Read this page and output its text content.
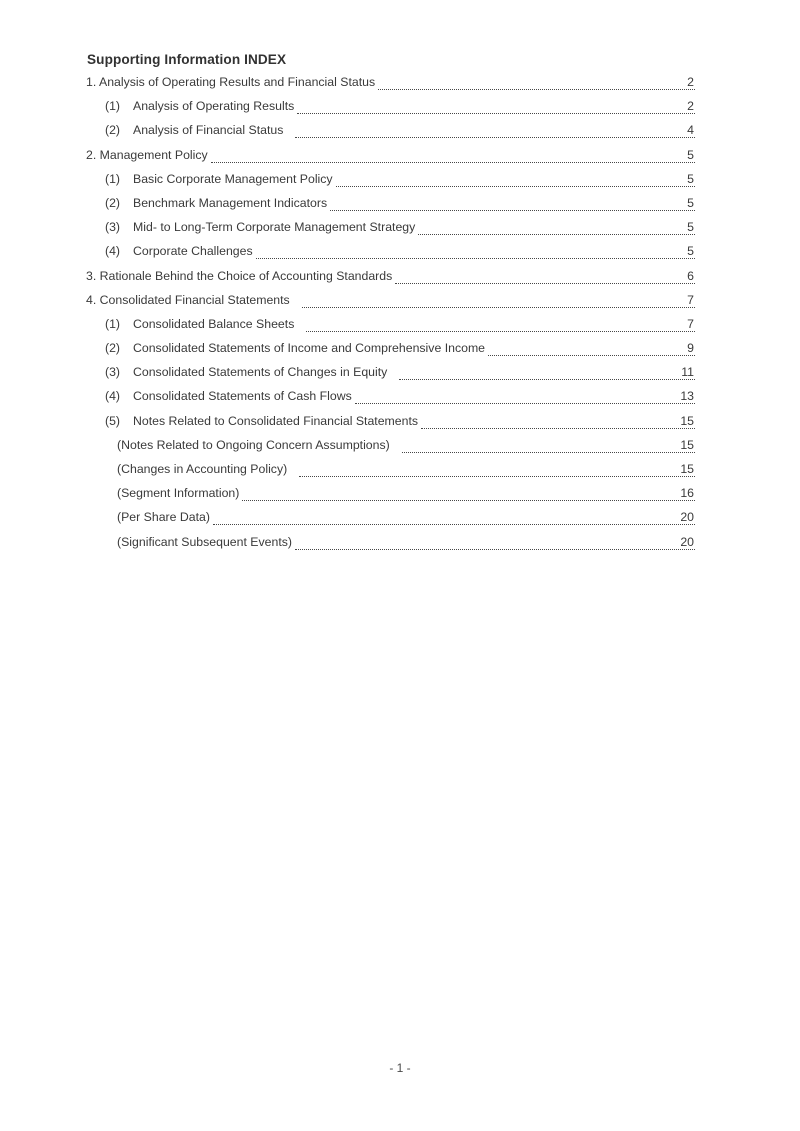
Supporting Information INDEX
1. Analysis of Operating Results and Financial Status	2
(1)	Analysis of Operating Results	2
(2)	Analysis of Financial Status	4
2. Management Policy	5
(1)	Basic Corporate Management Policy	5
(2)	Benchmark Management Indicators	5
(3)	Mid- to Long-Term Corporate Management Strategy	5
(4)	Corporate Challenges	5
3. Rationale Behind the Choice of Accounting Standards	6
4. Consolidated Financial Statements	7
(1)	Consolidated Balance Sheets	7
(2)	Consolidated Statements of Income and Comprehensive Income	9
(3)	Consolidated Statements of Changes in Equity	11
(4)	Consolidated Statements of Cash Flows	13
(5)	Notes Related to Consolidated Financial Statements	15
(Notes Related to Ongoing Concern Assumptions)	15
(Changes in Accounting Policy)	15
(Segment Information)	16
(Per Share Data)	20
(Significant Subsequent Events)	20
- 1 -
